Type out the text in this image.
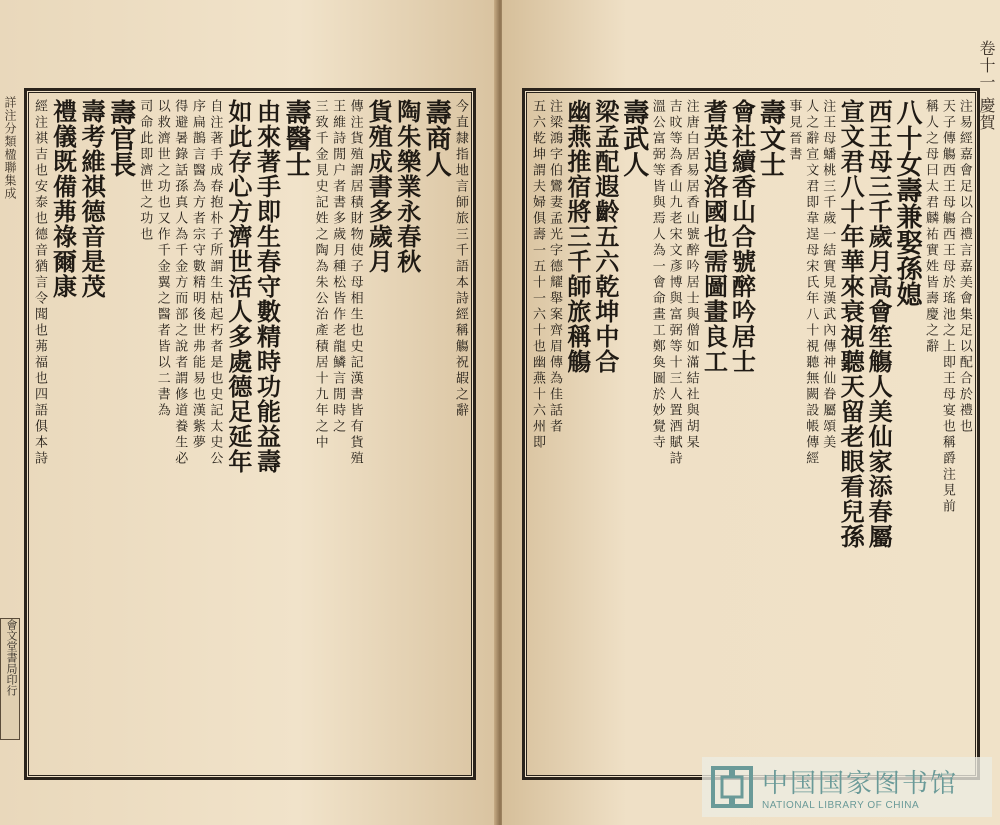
詳注分類楹聯集成
會文堂書局印行
今直隸指地言師旅三千語本詩經稱觴祝嘏之辭
壽商人
陶朱樂業永春秋
貨殖成書多歲月
傳注貨殖謂居積財物使子母相生也史記漢書皆有貨殖
王維詩閒户者書多歲月種松皆作老龍鱗言閒時之
三致千金見史記姓之陶為朱公治產積居十九年之中
壽醫士
由來著手即生春守數精時功能益壽
如此存心方濟世活人多處德足延年
自注著手成春抱朴子所謂生枯起朽者是也史記太史公
序扁鵲言醫為方者宗守數精明後世弗能易也漢紫夢
得避暑錄話孫真人為千金方而部之說者謂修道養生必
以救濟世之功也又作千金翼之醫者皆以二書為
司命此即濟世之功也
壽官長
壽考維祺德音是茂
禮儀既備茀祿爾康
經注祺吉也安泰也德音猶言令聞也茀福也四語俱本詩
卷十一 慶賀
注易經嘉會足以合禮言嘉美會集足以配合於禮也
天子傳觴西王母觴西王母於瑤池之上即王母宴也稱爵注見前
稱人之母曰太君麟祐實姓皆壽慶之辭
八十女壽兼娶孫媳
西王母三千歲月高會笙觴人美仙家添春屬
宣文君八十年華來衰視聽天留老眼看兒孫
注王母蟠桃三千歲一結實見漢武內傳神仙眷屬頌美
人之辭宣文君即韋逞母宋氏年八十視聽無闕設帳傳經
事見晉書
壽文士
會社續香山合號醉吟居士
耆英追洛國也需圖畫良工
注唐白居易居香山號醉吟居士與僧如滿結社與胡杲
吉旼等為香山九老宋文彥博與富弼等十三人置酒賦詩
溫公富弼等皆與焉人為一會命畫工鄭奐圖於妙覺寺
壽武人
梁孟配遐齡五六乾坤中合
幽燕推宿將三千師旅稱觴
注梁鴻字伯鸞妻孟光字德耀舉案齊眉傳為佳話者
五六乾坤謂夫婦俱壽一五十一六十也幽燕十六州即
中国国家图书馆
NATIONAL LIBRARY OF CHINA
